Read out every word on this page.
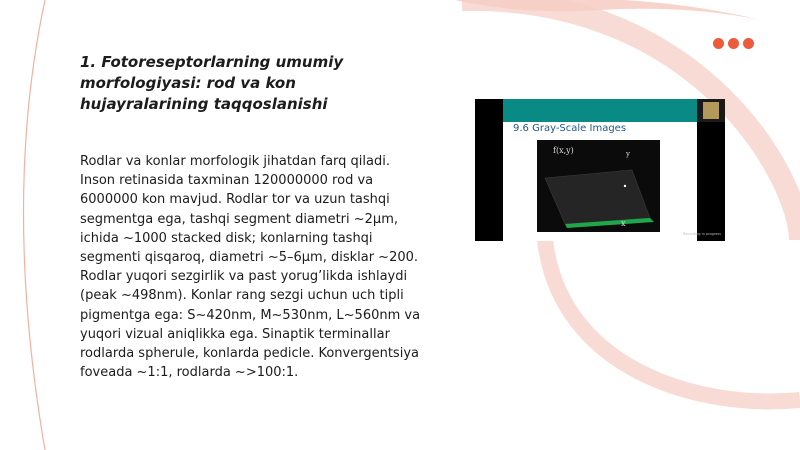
1. Fotoreseptorlarning umumiy morfologiyasi: rod va kon hujayralarining taqqoslanishi

Rodlar va konlar morfologik jihatdan farq qiladi. Inson retinasida taxminan 120000000 rod va 6000000 kon mavjud. Rodlar tor va uzun tashqi segmentga ega, tashqi segment diametri ~2µm, ichida ~1000 stacked disk; konlarning tashqi segmenti qisqaroq, diametri ~5–6µm, disklar ~200. Rodlar yuqori sezgirlik va past yorug’likda ishlaydi (peak ~498nm). Konlar rang sezgi uchun uch tipli pigmentga ega: S~420nm, M~530nm, L~560nm va yuqori vizual aniqlikka ega. Sinaptik terminallar rodlarda spherule, konlarda pedicle. Konvergentsiya foveada ~1:1, rodlarda ~>100:1.

9.6 Gray-Scale Images
f(x,y)	y
x
Recording in progress
